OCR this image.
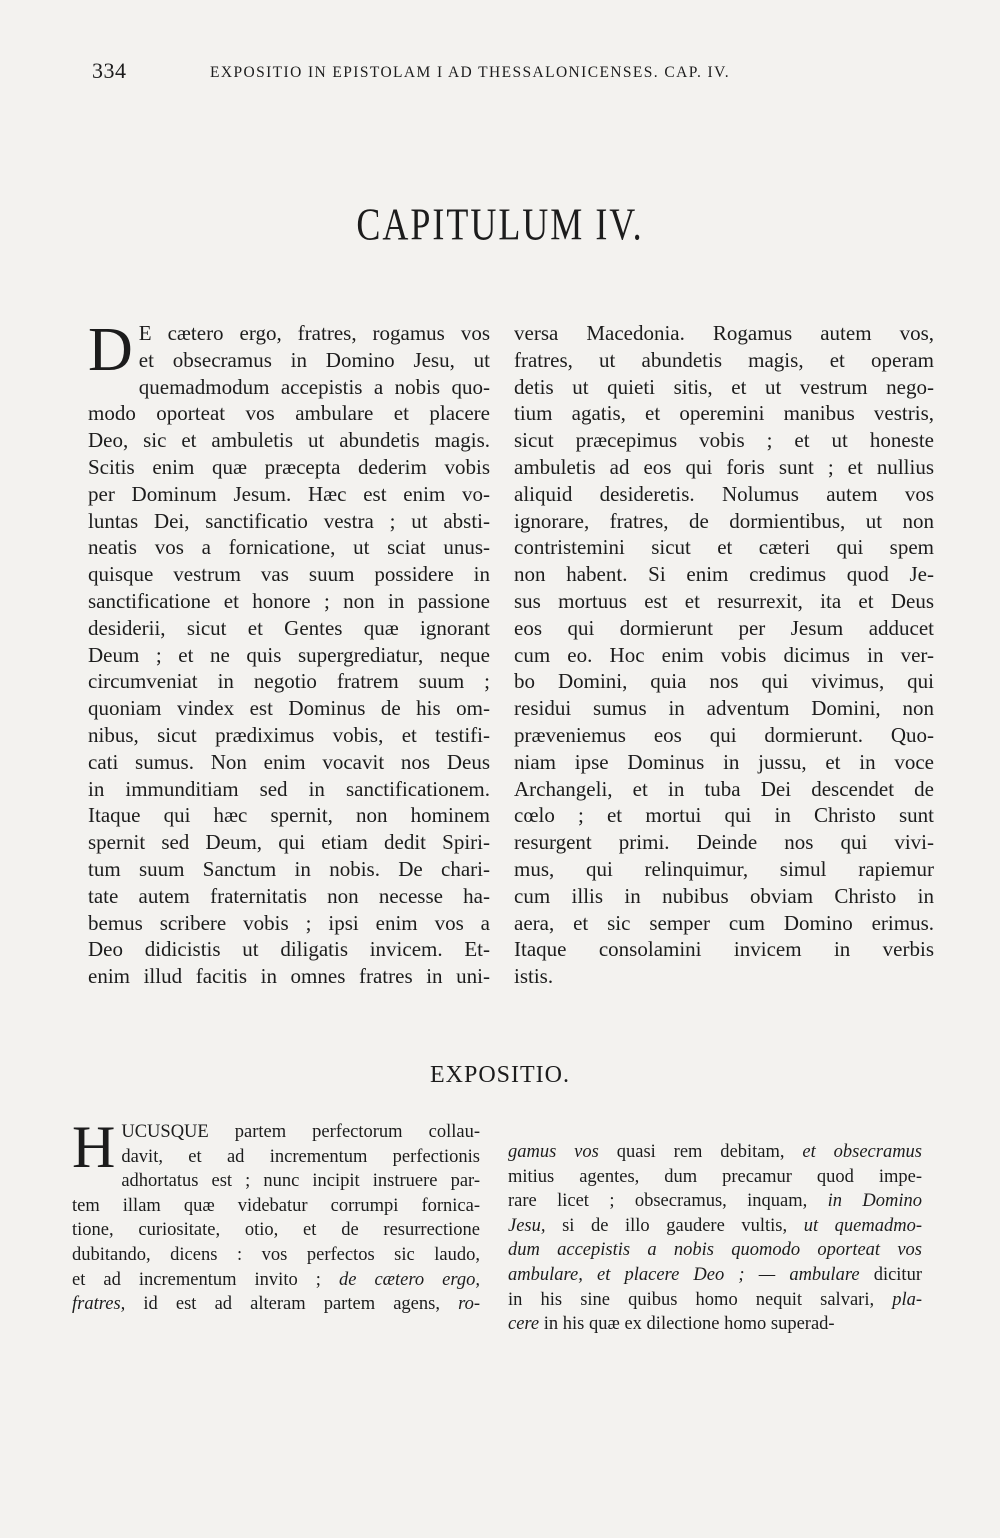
334	EXPOSITIO IN EPISTOLAM I AD THESSALONICENSES. CAP. IV.
CAPITULUM IV.
D E cætero ergo, fratres, rogamus vos
et obsecramus in Domino Jesu, ut
quemadmodum accepistis a nobis quo-
modo oporteat vos ambulare et placere
Deo, sic et ambuletis ut abundetis magis.
Scitis enim quæ præcepta dederim vobis
per Dominum Jesum. Hæc est enim vo-
luntas Dei, sanctificatio vestra ; ut absti-
neatis vos a fornicatione, ut sciat unus-
quisque vestrum vas suum possidere in
sanctificatione et honore ; non in passione
desiderii, sicut et Gentes quæ ignorant
Deum ; et ne quis supergrediatur, neque
circumveniat in negotio fratrem suum ;
quoniam vindex est Dominus de his om-
nibus, sicut prædiximus vobis, et testifi-
cati sumus. Non enim vocavit nos Deus
in immunditiam sed in sanctificationem.
Itaque qui hæc spernit, non hominem
spernit sed Deum, qui etiam dedit Spiri-
tum suum Sanctum in nobis. De chari-
tate autem fraternitatis non necesse ha-
bemus scribere vobis ; ipsi enim vos a
Deo didicistis ut diligatis invicem. Et-
enim illud facitis in omnes fratres in uni-
versa Macedonia. Rogamus autem vos,
fratres, ut abundetis magis, et operam
detis ut quieti sitis, et ut vestrum nego-
tium agatis, et operemini manibus vestris,
sicut præcepimus vobis ; et ut honeste
ambuletis ad eos qui foris sunt ; et nullius
aliquid desideretis. Nolumus autem vos
ignorare, fratres, de dormientibus, ut non
contristemini sicut et cæteri qui spem
non habent. Si enim credimus quod Je-
sus mortuus est et resurrexit, ita et Deus
eos qui dormierunt per Jesum adducet
cum eo. Hoc enim vobis dicimus in ver-
bo Domini, quia nos qui vivimus, qui
residui sumus in adventum Domini, non
præveniemus eos qui dormierunt. Quo-
niam ipse Dominus in jussu, et in voce
Archangeli, et in tuba Dei descendet de
cœlo ; et mortui qui in Christo sunt
resurgent primi. Deinde nos qui vivi-
mus, qui relinquimur, simul rapiemur
cum illis in nubibus obviam Christo in
aera, et sic semper cum Domino erimus.
Itaque consolamini invicem in verbis
istis.
EXPOSITIO.
H UCUSQUE partem perfectorum collau-
davit, et ad incrementum perfectionis
adhortatus est ; nunc incipit instruere par-
tem illam quæ videbatur corrumpi fornica-
tione, curiositate, otio, et de resurrectione
dubitando, dicens : vos perfectos sic laudo,
et ad incrementum invito ; de cætero ergo,
fratres, id est ad alteram partem agens, ro-
gamus vos quasi rem debitam, et obsecramus
mitius agentes, dum precamur quod impe-
rare licet ; obsecramus, inquam, in Domino
Jesu, si de illo gaudere vultis, ut quemadmo-
dum accepistis a nobis quomodo oporteat vos
ambulare, et placere Deo ; — ambulare dicitur
in his sine quibus homo nequit salvari, pla-
cere in his quæ ex dilectione homo superad-
